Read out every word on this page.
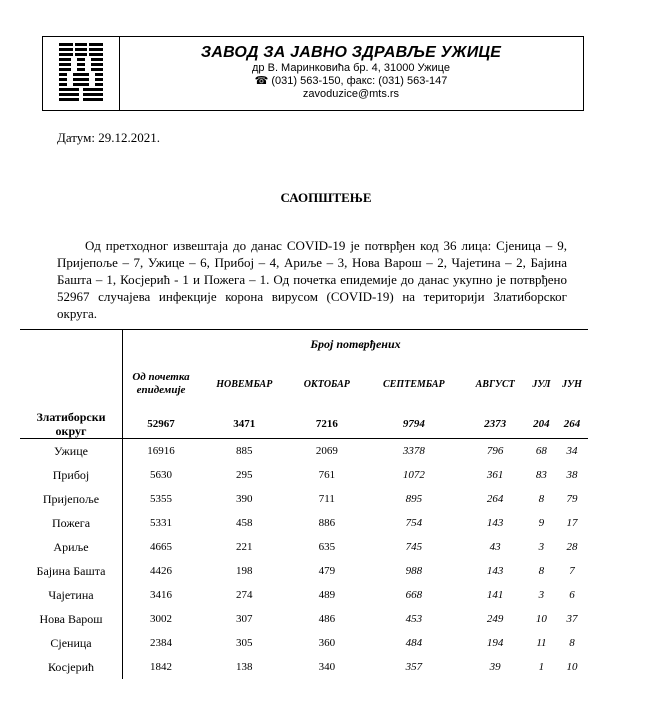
ЗАВОД ЗА ЈАВНО ЗДРАВЉЕ УЖИЦЕ
др В. Маринковића бр. 4, 31000 Ужице
☎ (031) 563-150, факс: (031) 563-147
zavoduzice@mts.rs
Датум: 29.12.2021.
САОПШТЕЊЕ
Од претходног извештаја до данас COVID-19 је потврђен код 36 лица: Сјеница – 9, Пријепоље – 7, Ужице – 6, Прибој – 4, Ариље – 3, Нова Варош – 2, Чајетина – 2, Бајина Башта – 1, Косјерић - 1 и Пожега – 1. Од почетка епидемије до данас укупно је потврђено 52967 случајева инфекције корона вирусом (COVID-19) на територији Златиборског округа.
	Број потврђених						
	Од почетка епидемије	НОВЕМБАР	ОКТОБАР	СЕПТЕМБАР	АВГУСТ	ЈУЛ	ЈУН
Златиборски округ	52967	3471	7216	9794	2373	204	264
Ужице	16916	885	2069	3378	796	68	34
Прибој	5630	295	761	1072	361	83	38
Пријепоље	5355	390	711	895	264	8	79
Пожега	5331	458	886	754	143	9	17
Ариље	4665	221	635	745	43	3	28
Бајина Башта	4426	198	479	988	143	8	7
Чајетина	3416	274	489	668	141	3	6
Нова Варош	3002	307	486	453	249	10	37
Сјеница	2384	305	360	484	194	11	8
Косјерић	1842	138	340	357	39	1	10
